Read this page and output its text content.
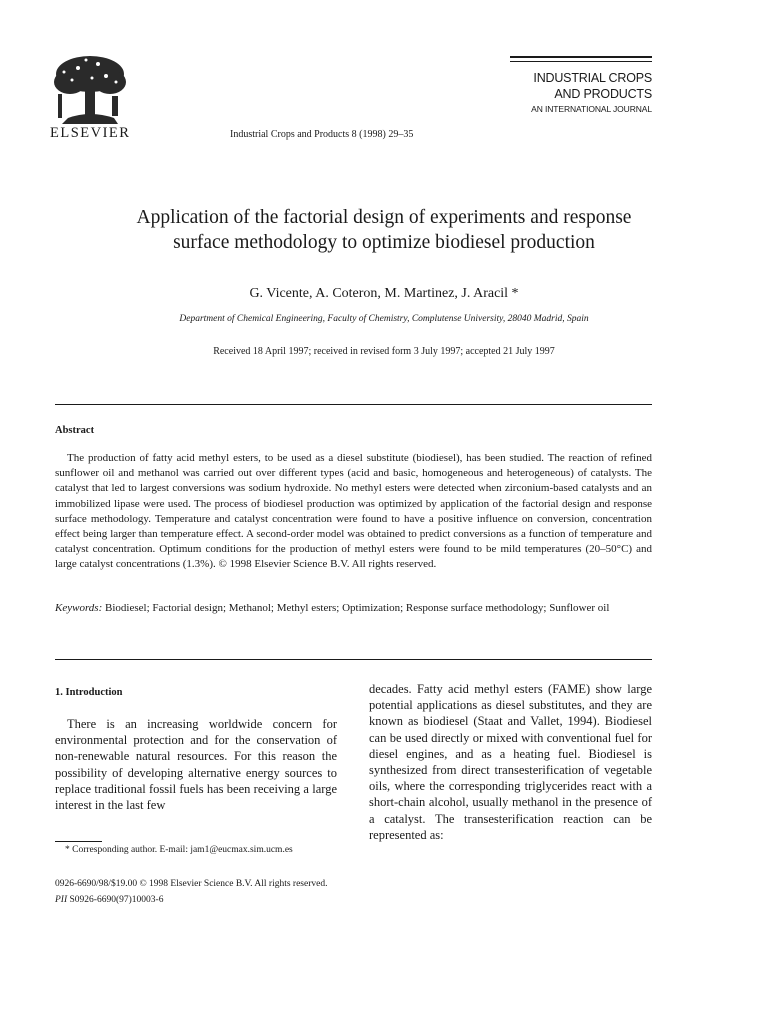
ELSEVIER	Industrial Crops and Products 8 (1998) 29–35
INDUSTRIAL CROPS
AND PRODUCTS
AN INTERNATIONAL JOURNAL
Application of the factorial design of experiments and response
surface methodology to optimize biodiesel production
G. Vicente, A. Coteron, M. Martinez, J. Aracil *
Department of Chemical Engineering, Faculty of Chemistry, Complutense University, 28040 Madrid, Spain
Received 18 April 1997; received in revised form 3 July 1997; accepted 21 July 1997
Abstract

The production of fatty acid methyl esters, to be used as a diesel substitute (biodiesel), has been studied. The reaction of refined sunflower oil and methanol was carried out over different types (acid and basic, homogeneous and heterogeneous) of catalysts. The catalyst that led to largest conversions was sodium hydroxide. No methyl esters were detected when zirconium-based catalysts and an immobilized lipase were used. The process of biodiesel production was optimized by application of the factorial design and response surface methodology. Temperature and catalyst concentration were found to have a positive influence on conversion, concentration effect being larger than temperature effect. A second-order model was obtained to predict conversions as a function of temperature and catalyst concentration. Optimum conditions for the production of methyl esters were found to be mild temperatures (20–50°C) and large catalyst concentrations (1.3%). © 1998 Elsevier Science B.V. All rights reserved.

Keywords: Biodiesel; Factorial design; Methanol; Methyl esters; Optimization; Response surface methodology; Sunflower oil

1. Introduction

There is an increasing worldwide concern for environmental protection and for the conservation of non-renewable natural resources. For this reason the possibility of developing alternative energy sources to replace traditional fossil fuels has been receiving a large interest in the last few

decades. Fatty acid methyl esters (FAME) show large potential applications as diesel substitutes, and they are known as biodiesel (Staat and Vallet, 1994). Biodiesel can be used directly or mixed with conventional fuel for diesel engines, and as a heating fuel. Biodiesel is synthesized from direct transesterification of vegetable oils, where the corresponding triglycerides react with a short-chain alcohol, usually methanol in the presence of a catalyst. The transesterification reaction can be represented as:

* Corresponding author. E-mail: jam1@eucmax.sim.ucm.es
0926-6690/98/$19.00 © 1998 Elsevier Science B.V. All rights reserved.
PII S0926-6690(97)10003-6
